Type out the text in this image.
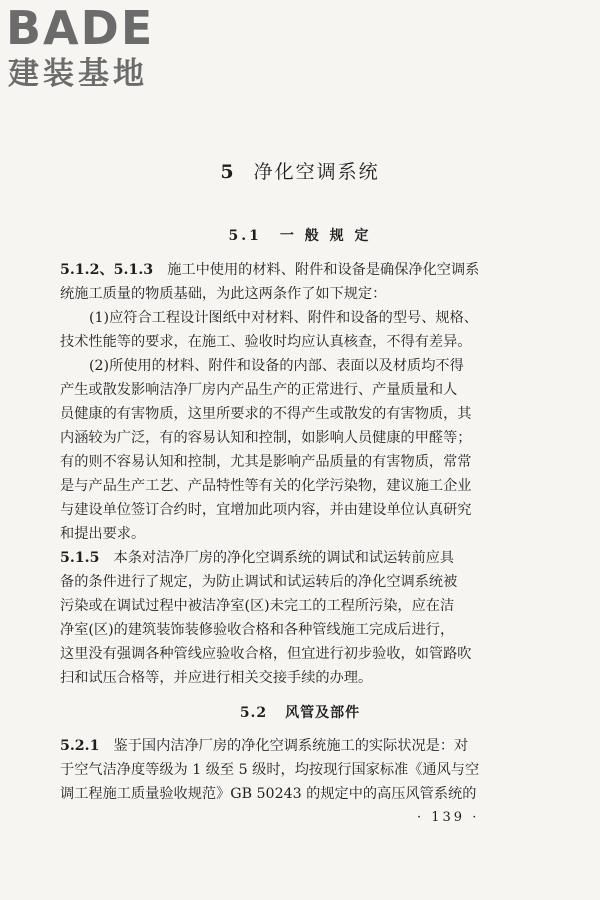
BADE
建装基地
5 净化空调系统
5.1 一 般 规 定
5.1.2、5.1.3 施工中使用的材料、附件和设备是确保净化空调系
统施工质量的物质基础，为此这两条作了如下规定：
(1)应符合工程设计图纸中对材料、附件和设备的型号、规格、
技术性能等的要求，在施工、验收时均应认真核查，不得有差异。
(2)所使用的材料、附件和设备的内部、表面以及材质均不得
产生或散发影响洁净厂房内产品生产的正常进行、产量质量和人
员健康的有害物质，这里所要求的不得产生或散发的有害物质，其
内涵较为广泛，有的容易认知和控制，如影响人员健康的甲醛等；
有的则不容易认知和控制，尤其是影响产品质量的有害物质，常常
是与产品生产工艺、产品特性等有关的化学污染物，建议施工企业
与建设单位签订合约时，宜增加此项内容，并由建设单位认真研究
和提出要求。
5.1.5 本条对洁净厂房的净化空调系统的调试和试运转前应具
备的条件进行了规定，为防止调试和试运转后的净化空调系统被
污染或在调试过程中被洁净室(区)未完工的工程所污染，应在洁
净室(区)的建筑装饰装修验收合格和各种管线施工完成后进行，
这里没有强调各种管线应验收合格，但宜进行初步验收，如管路吹
扫和试压合格等，并应进行相关交接手续的办理。
5.2 风管及部件
5.2.1 鉴于国内洁净厂房的净化空调系统施工的实际状况是：对
于空气洁净度等级为 1 级至 5 级时，均按现行国家标准《通风与空
调工程施工质量验收规范》GB 50243 的规定中的高压风管系统的
· 139 ·
